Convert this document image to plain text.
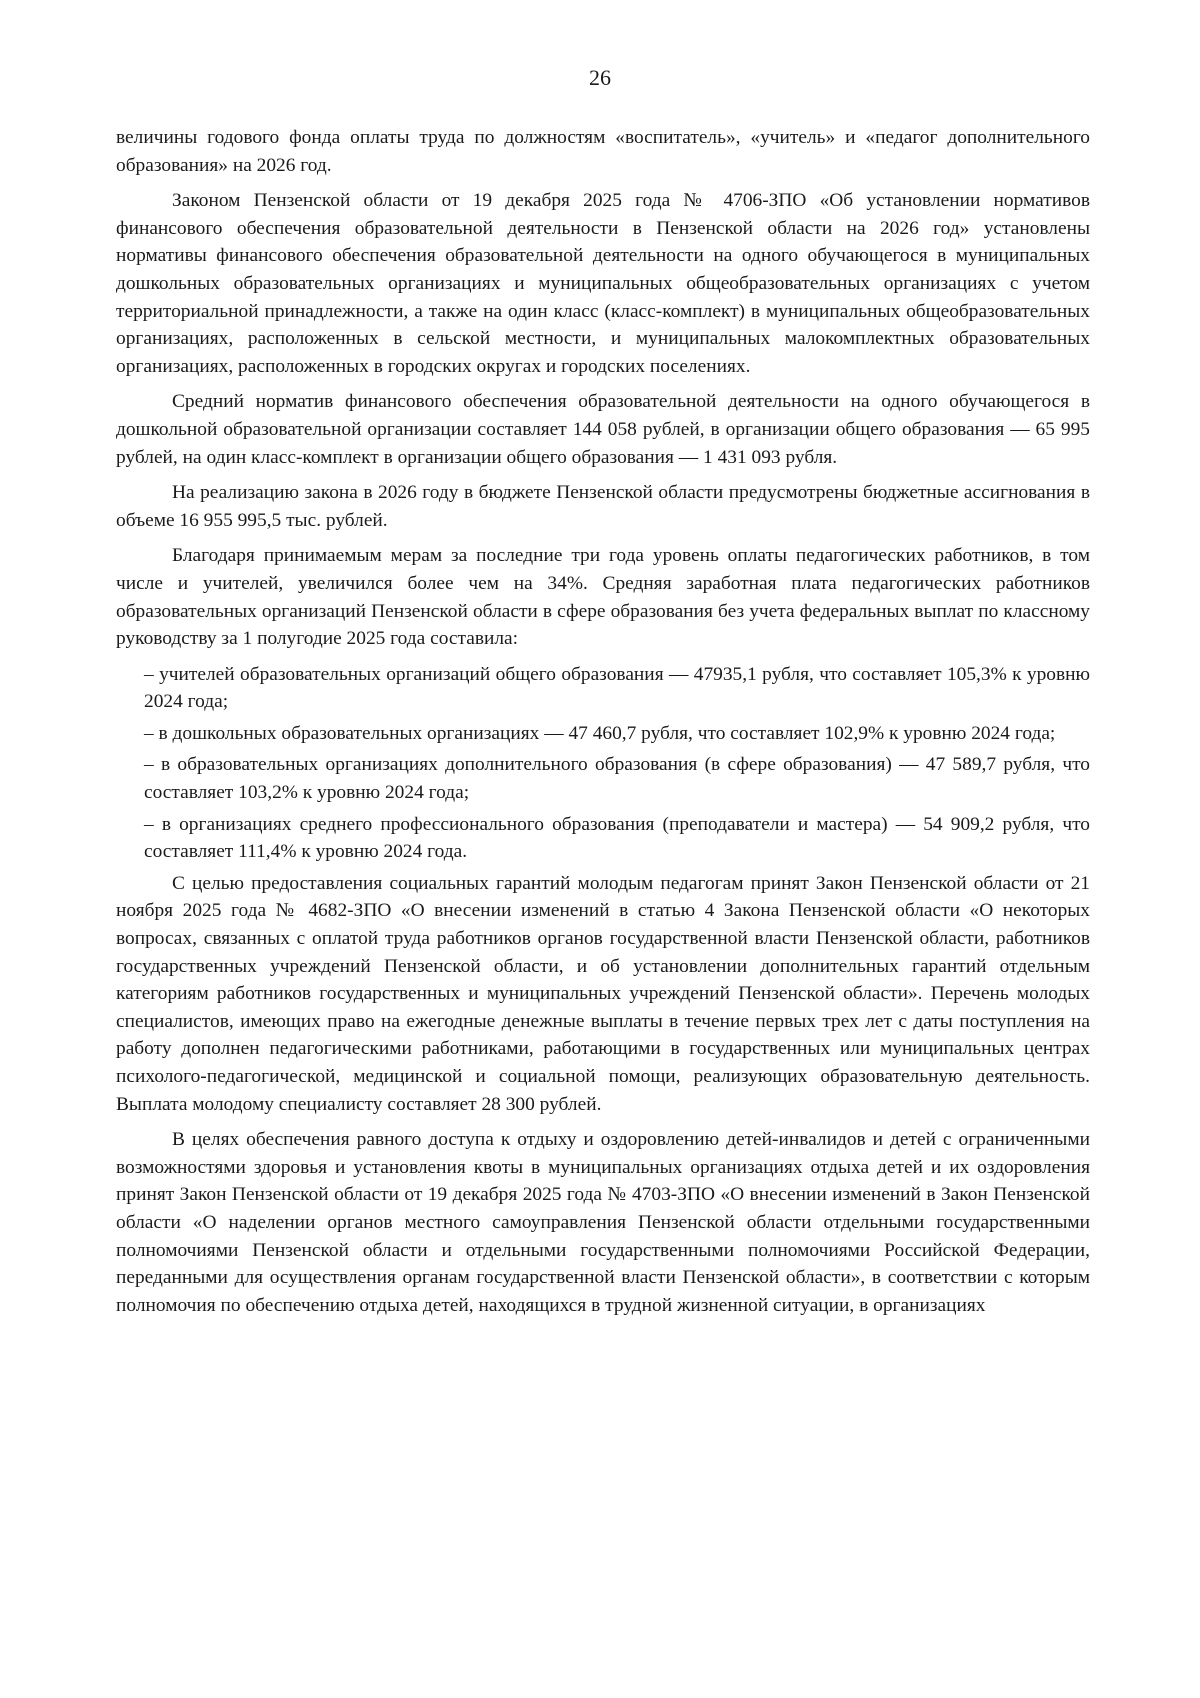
26

величины годового фонда оплаты труда по должностям «воспитатель», «учитель» и «педагог дополнительного образования» на 2026 год.

Законом Пензенской области от 19 декабря 2025 года № 4706-ЗПО «Об установлении нормативов финансового обеспечения образовательной деятельности в Пензенской области на 2026 год» установлены нормативы финансового обеспечения образовательной деятельности на одного обучающегося в муниципальных дошкольных образовательных организациях и муниципальных общеобразовательных организациях с учетом территориальной принадлежности, а также на один класс (класс-комплект) в муниципальных общеобразовательных организациях, расположенных в сельской местности, и муниципальных малокомплектных образовательных организациях, расположенных в городских округах и городских поселениях.

Средний норматив финансового обеспечения образовательной деятельности на одного обучающегося в дошкольной образовательной организации составляет 144 058 рублей, в организации общего образования — 65 995 рублей, на один класс-комплект в организации общего образования — 1 431 093 рубля.

На реализацию закона в 2026 году в бюджете Пензенской области предусмотрены бюджетные ассигнования в объеме 16 955 995,5 тыс. рублей.

Благодаря принимаемым мерам за последние три года уровень оплаты педагогических работников, в том числе и учителей, увеличился более чем на 34%. Средняя заработная плата педагогических работников образовательных организаций Пензенской области в сфере образования без учета федеральных выплат по классному руководству за 1 полугодие 2025 года составила:

– учителей образовательных организаций общего образования — 47935,1 рубля, что составляет 105,3% к уровню 2024 года;

– в дошкольных образовательных организациях — 47 460,7 рубля, что составляет 102,9% к уровню 2024 года;

– в образовательных организациях дополнительного образования (в сфере образования) — 47 589,7 рубля, что составляет 103,2% к уровню 2024 года;

– в организациях среднего профессионального образования (преподаватели и мастера) — 54 909,2 рубля, что составляет 111,4% к уровню 2024 года.

С целью предоставления социальных гарантий молодым педагогам принят Закон Пензенской области от 21 ноября 2025 года № 4682-ЗПО «О внесении изменений в статью 4 Закона Пензенской области «О некоторых вопросах, связанных с оплатой труда работников органов государственной власти Пензенской области, работников государственных учреждений Пензенской области, и об установлении дополнительных гарантий отдельным категориям работников государственных и муниципальных учреждений Пензенской области». Перечень молодых специалистов, имеющих право на ежегодные денежные выплаты в течение первых трех лет с даты поступления на работу дополнен педагогическими работниками, работающими в государственных или муниципальных центрах психолого-педагогической, медицинской и социальной помощи, реализующих образовательную деятельность. Выплата молодому специалисту составляет 28 300 рублей.

В целях обеспечения равного доступа к отдыху и оздоровлению детей-инвалидов и детей с ограниченными возможностями здоровья и установления квоты в муниципальных организациях отдыха детей и их оздоровления принят Закон Пензенской области от 19 декабря 2025 года № 4703-ЗПО «О внесении изменений в Закон Пензенской области «О наделении органов местного самоуправления Пензенской области отдельными государственными полномочиями Пензенской области и отдельными государственными полномочиями Российской Федерации, переданными для осуществления органам государственной власти Пензенской области», в соответствии с которым полномочия по обеспечению отдыха детей, находящихся в трудной жизненной ситуации, в организациях
